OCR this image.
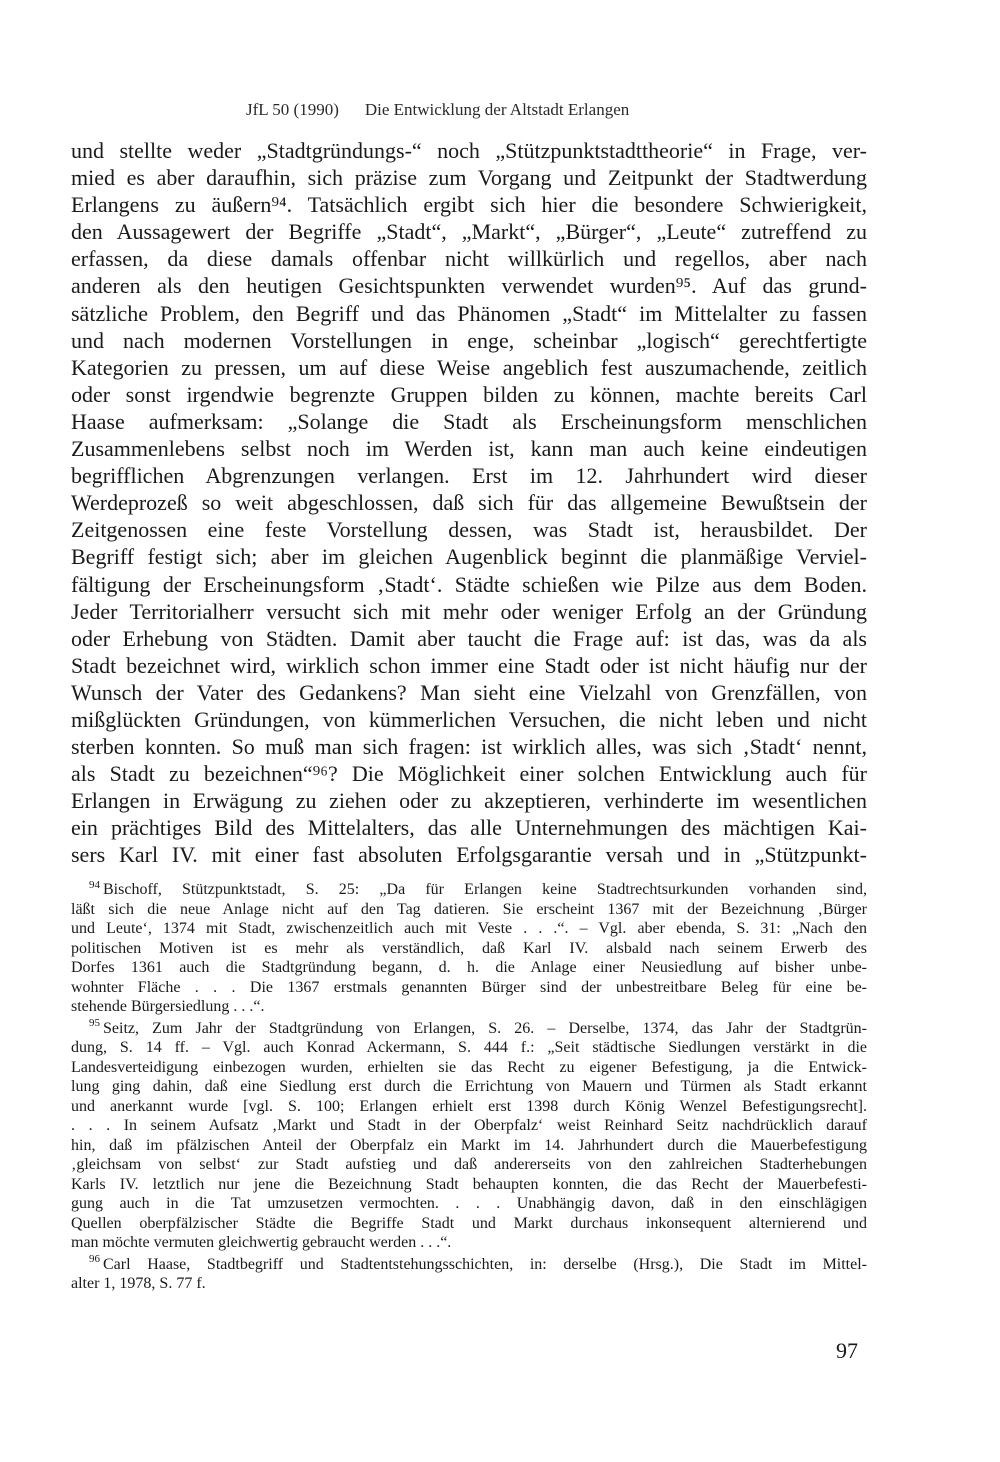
JfL 50 (1990) Die Entwicklung der Altstadt Erlangen
und stellte weder „Stadtgründungs-“ noch „Stützpunktstadttheorie“ in Frage, ver-
mied es aber daraufhin, sich präzise zum Vorgang und Zeitpunkt der Stadtwerdung
Erlangens zu äußern⁹⁴. Tatsächlich ergibt sich hier die besondere Schwierigkeit,
den Aussagewert der Begriffe „Stadt“, „Markt“, „Bürger“, „Leute“ zutreffend zu
erfassen, da diese damals offenbar nicht willkürlich und regellos, aber nach
anderen als den heutigen Gesichtspunkten verwendet wurden⁹⁵. Auf das grund-
sätzliche Problem, den Begriff und das Phänomen „Stadt“ im Mittelalter zu fassen
und nach modernen Vorstellungen in enge, scheinbar „logisch“ gerechtfertigte
Kategorien zu pressen, um auf diese Weise angeblich fest auszumachende, zeitlich
oder sonst irgendwie begrenzte Gruppen bilden zu können, machte bereits Carl
Haase aufmerksam: „Solange die Stadt als Erscheinungsform menschlichen
Zusammenlebens selbst noch im Werden ist, kann man auch keine eindeutigen
begrifflichen Abgrenzungen verlangen. Erst im 12. Jahrhundert wird dieser
Werdeprozeß so weit abgeschlossen, daß sich für das allgemeine Bewußtsein der
Zeitgenossen eine feste Vorstellung dessen, was Stadt ist, herausbildet. Der
Begriff festigt sich; aber im gleichen Augenblick beginnt die planmäßige Verviel-
fältigung der Erscheinungsform ‚Stadt‘. Städte schießen wie Pilze aus dem Boden.
Jeder Territorialherr versucht sich mit mehr oder weniger Erfolg an der Gründung
oder Erhebung von Städten. Damit aber taucht die Frage auf: ist das, was da als
Stadt bezeichnet wird, wirklich schon immer eine Stadt oder ist nicht häufig nur der
Wunsch der Vater des Gedankens? Man sieht eine Vielzahl von Grenzfällen, von
mißglückten Gründungen, von kümmerlichen Versuchen, die nicht leben und nicht
sterben konnten. So muß man sich fragen: ist wirklich alles, was sich ‚Stadt‘ nennt,
als Stadt zu bezeichnen“⁹⁶? Die Möglichkeit einer solchen Entwicklung auch für
Erlangen in Erwägung zu ziehen oder zu akzeptieren, verhinderte im wesentlichen
ein prächtiges Bild des Mittelalters, das alle Unternehmungen des mächtigen Kai-
sers Karl IV. mit einer fast absoluten Erfolgsgarantie versah und in „Stützpunkt-
$^{94}$ Bischoff, Stützpunktstadt, S. 25: „Da für Erlangen keine Stadtrechtsurkunden vorhanden sind,
läßt sich die neue Anlage nicht auf den Tag datieren. Sie erscheint 1367 mit der Bezeichnung ‚Bürger
und Leute‘, 1374 mit Stadt, zwischenzeitlich auch mit Veste . . .“. – Vgl. aber ebenda, S. 31: „Nach den
politischen Motiven ist es mehr als verständlich, daß Karl IV. alsbald nach seinem Erwerb des
Dorfes 1361 auch die Stadtgründung begann, d. h. die Anlage einer Neusiedlung auf bisher unbe-
wohnter Fläche . . . Die 1367 erstmals genannten Bürger sind der unbestreitbare Beleg für eine be-
stehende Bürgersiedlung . . .“.
$^{95}$ Seitz, Zum Jahr der Stadtgründung von Erlangen, S. 26. – Derselbe, 1374, das Jahr der Stadtgrün-
dung, S. 14 ff. – Vgl. auch Konrad Ackermann, S. 444 f.: „Seit städtische Siedlungen verstärkt in die
Landesverteidigung einbezogen wurden, erhielten sie das Recht zu eigener Befestigung, ja die Entwick-
lung ging dahin, daß eine Siedlung erst durch die Errichtung von Mauern und Türmen als Stadt erkannt
und anerkannt wurde [vgl. S. 100; Erlangen erhielt erst 1398 durch König Wenzel Befestigungsrecht].
. . . In seinem Aufsatz ‚Markt und Stadt in der Oberpfalz‘ weist Reinhard Seitz nachdrücklich darauf
hin, daß im pfälzischen Anteil der Oberpfalz ein Markt im 14. Jahrhundert durch die Mauerbefestigung
‚gleichsam von selbst‘ zur Stadt aufstieg und daß andererseits von den zahlreichen Stadterhebungen
Karls IV. letztlich nur jene die Bezeichnung Stadt behaupten konnten, die das Recht der Mauerbefesti-
gung auch in die Tat umzusetzen vermochten. . . . Unabhängig davon, daß in den einschlägigen
Quellen oberpfälzischer Städte die Begriffe Stadt und Markt durchaus inkonsequent alternierend und
man möchte vermuten gleichwertig gebraucht werden . . .“.
$^{96}$ Carl Haase, Stadtbegriff und Stadtentstehungsschichten, in: derselbe (Hrsg.), Die Stadt im Mittel-
alter 1, 1978, S. 77 f.
97
